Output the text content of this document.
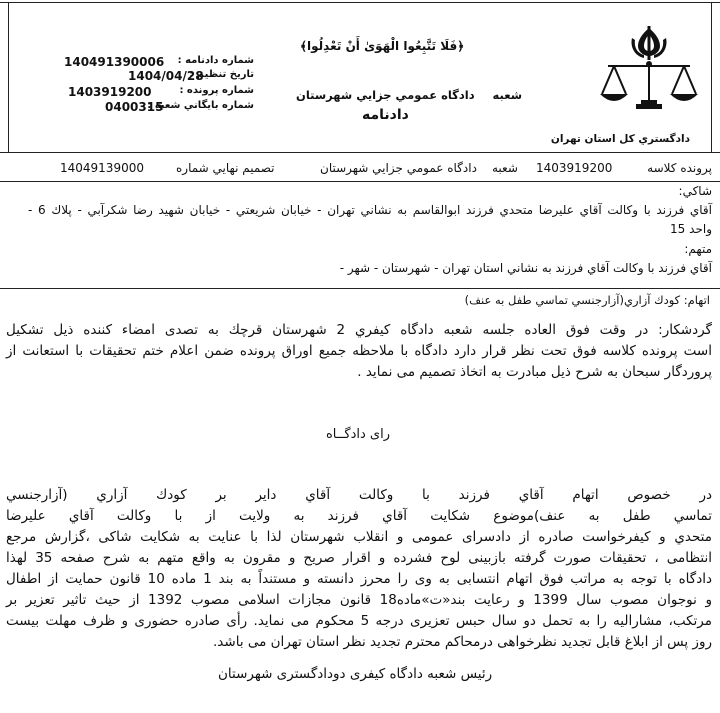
دادگستري كل استان تهران
﴿فَلَا تَتَّبِعُوا الْهَوَىٰ أَنْ تَعْدِلُوا﴾
شعبه
دادگاه عمومي جزايي شهرستان
دادنامه
140491390006 شماره دادنامه :
1404/04/28
تاريخ تنظيم :
1403919200	شماره پرونده :
0400315
شماره بايگاني شعبه :
پرونده كلاسه
1403919200
شعبه
دادگاه عمومي جزايي شهرستان
تصميم نهايي شماره
14049139000
شاكي:
آقاي فرزند با وكالت آقاي عليرضا متحدي فرزند ابوالقاسم به نشاني تهران - خيابان شريعتي - خيابان شهيد رضا شكرآبي - پلاك 6 -
واحد 15
متهم:
آقاي فرزند با وكالت آقاي فرزند به نشاني استان تهران - شهرستان - شهر -
اتهام: كودك آزاري(آزارجنسي تماسي طفل به عنف)
گردشكار: در وقت فوق العاده جلسه شعبه دادگاه كيفري 2 شهرستان قرچك به تصدى امضاء كننده ذيل تشكيل
است پرونده كلاسه فوق تحت نظر قرار دارد دادگاه با ملاحظه جميع اوراق پرونده ضمن اعلام ختم تحقيقات با استعانت از
پروردگار سبحان به شرح ذيل مبادرت به اتخاذ تصميم مى نمايد .
راى دادگــاه
در خصوص اتهام آقاي فرزند با وكالت آقاي داير بر كودك آزاري (آزارجنسي
تماسي طفل به عنف)موضوع شكايت آقاي فرزند به ولايت از با وكالت آقاي عليرضا
متحدي و كيفرخواست صادره از دادسراى عمومى و انقلاب شهرستان لذا با عنايت به شكايت شاكى ،گزارش مرجع
انتظامى ، تحقيقات صورت گرفته بازبينى لوح فشرده و اقرار صريح و مقرون به واقع متهم به شرح صفحه 35 لهذا
دادگاه با توجه به مراتب فوق اتهام انتسابى به وى را محرز دانسته و مستنداً به بند 1 ماده 10 قانون حمايت از اطفال
و نوجوان مصوب سال 1399 و رعايت بند«ت»ماده18 قانون مجازات اسلامى مصوب 1392 از حيث تاثير تعزير بر
مرتكب، مشاراليه را به تحمل دو سال حبس تعزيرى درجه 5 محكوم مى نمايد. رأى صادره حضورى و ظرف مهلت بيست
روز پس از ابلاغ قابل تجديد نظرخواهى درمحاكم محترم تجديد نظر استان تهران مى باشد.
رئيس شعبه دادگاه كيفرى دودادگسترى شهرستان
